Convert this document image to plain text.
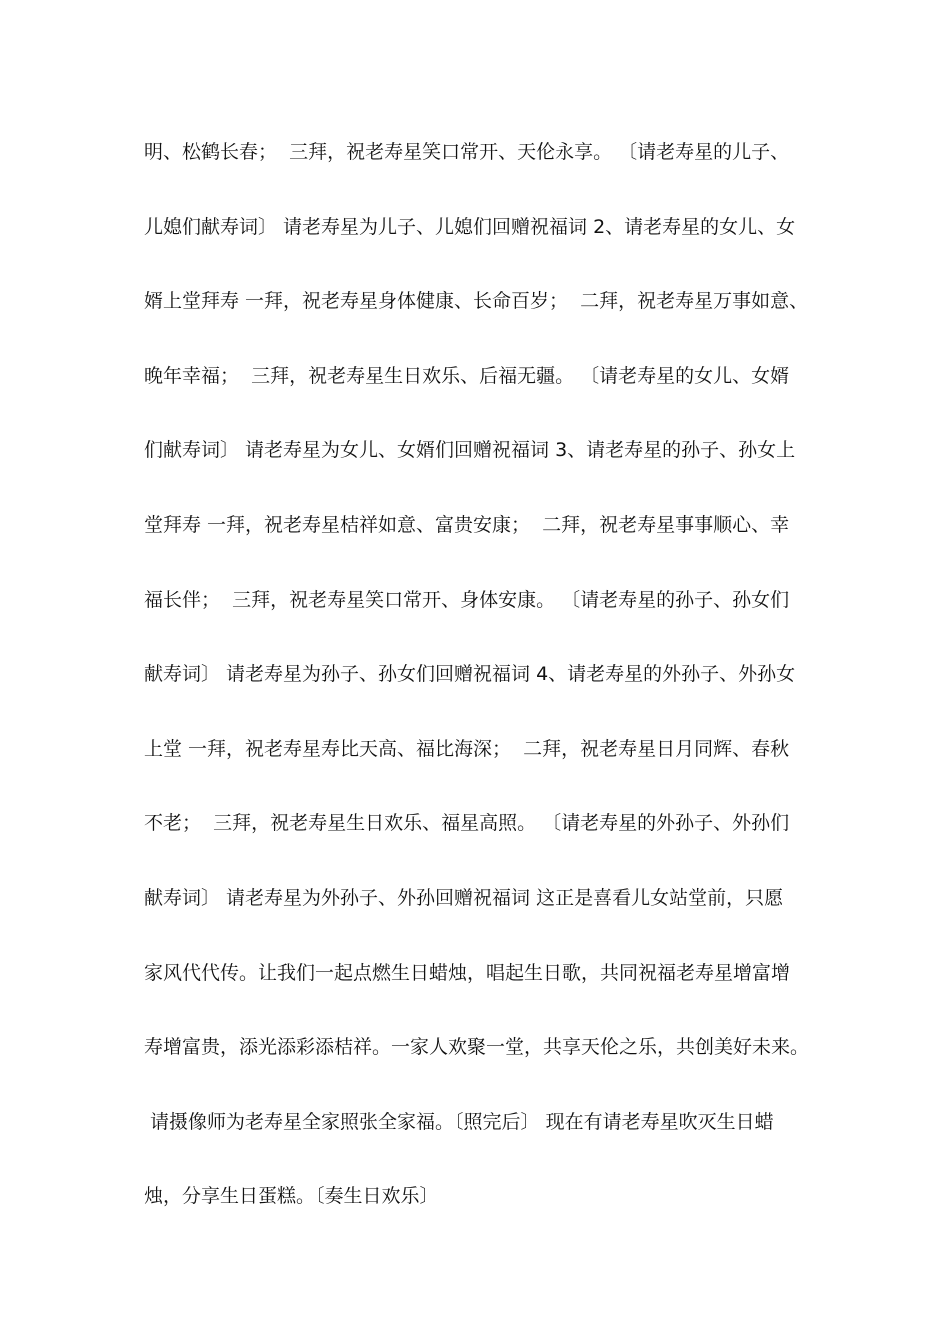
明、松鹤长春；  三拜，祝老寿星笑口常开、天伦永享。 〔请老寿星的儿子、
儿媳们献寿词〕 请老寿星为儿子、儿媳们回赠祝福词 2、请老寿星的女儿、女
婿上堂拜寿 一拜，祝老寿星身体健康、长命百岁；  二拜，祝老寿星万事如意、
晚年幸福；  三拜，祝老寿星生日欢乐、后福无疆。 〔请老寿星的女儿、女婿
们献寿词〕 请老寿星为女儿、女婿们回赠祝福词 3、请老寿星的孙子、孙女上
堂拜寿 一拜，祝老寿星桔祥如意、富贵安康；  二拜，祝老寿星事事顺心、幸
福长伴；  三拜，祝老寿星笑口常开、身体安康。 〔请老寿星的孙子、孙女们
献寿词〕 请老寿星为孙子、孙女们回赠祝福词 4、请老寿星的外孙子、外孙女
上堂 一拜，祝老寿星寿比天高、福比海深；  二拜，祝老寿星日月同辉、春秋
不老；  三拜，祝老寿星生日欢乐、福星高照。 〔请老寿星的外孙子、外孙们
献寿词〕 请老寿星为外孙子、外孙回赠祝福词 这正是喜看儿女站堂前，只愿
家风代代传。让我们一起点燃生日蜡烛，唱起生日歌，共同祝福老寿星增富增
寿增富贵，添光添彩添桔祥。一家人欢聚一堂，共享天伦之乐，共创美好未来。
请摄像师为老寿星全家照张全家福。〔照完后〕 现在有请老寿星吹灭生日蜡
烛，分享生日蛋糕。〔奏生日欢乐〕
